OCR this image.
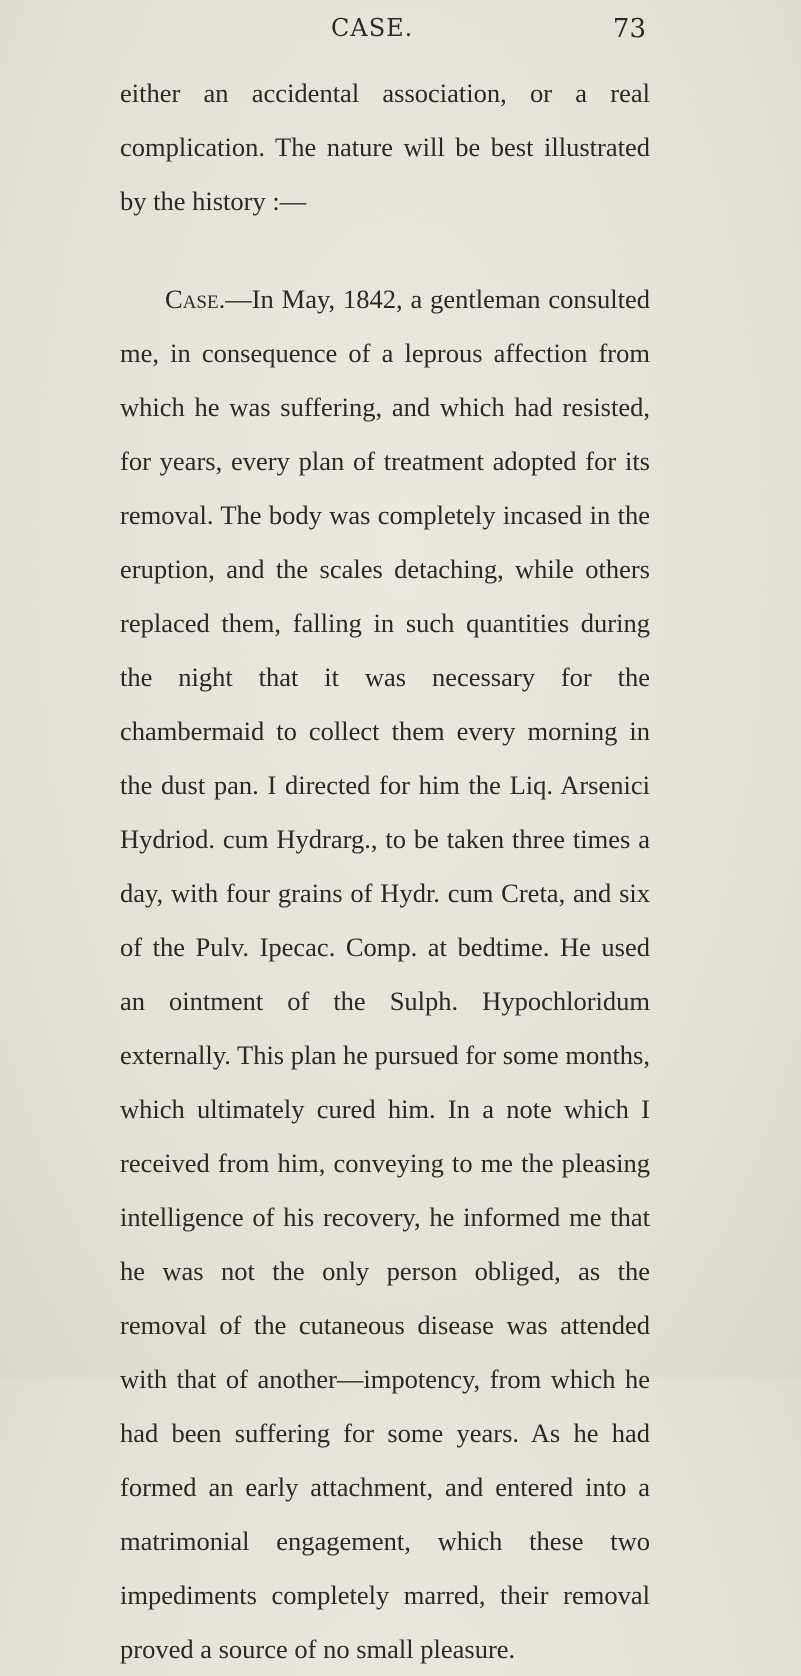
CASE.	73

either an accidental association, or a real complication. The nature will be best illustrated by the history :—

Case.—In May, 1842, a gentleman consulted me, in consequence of a leprous affection from which he was suffering, and which had resisted, for years, every plan of treatment adopted for its removal. The body was completely incased in the eruption, and the scales detaching, while others replaced them, falling in such quantities during the night that it was necessary for the chambermaid to collect them every morning in the dust pan. I directed for him the Liq. Arsenici Hydriod. cum Hydrarg., to be taken three times a day, with four grains of Hydr. cum Creta, and six of the Pulv. Ipecac. Comp. at bedtime. He used an ointment of the Sulph. Hypochloridum externally. This plan he pursued for some months, which ultimately cured him. In a note which I received from him, conveying to me the pleasing intelligence of his recovery, he informed me that he was not the only person obliged, as the removal of the cutaneous disease was attended with that of another—impotency, from which he had been suffering for some years. As he had formed an early attachment, and entered into a matrimonial engagement, which these two impediments completely marred, their removal proved a source of no small pleasure.
